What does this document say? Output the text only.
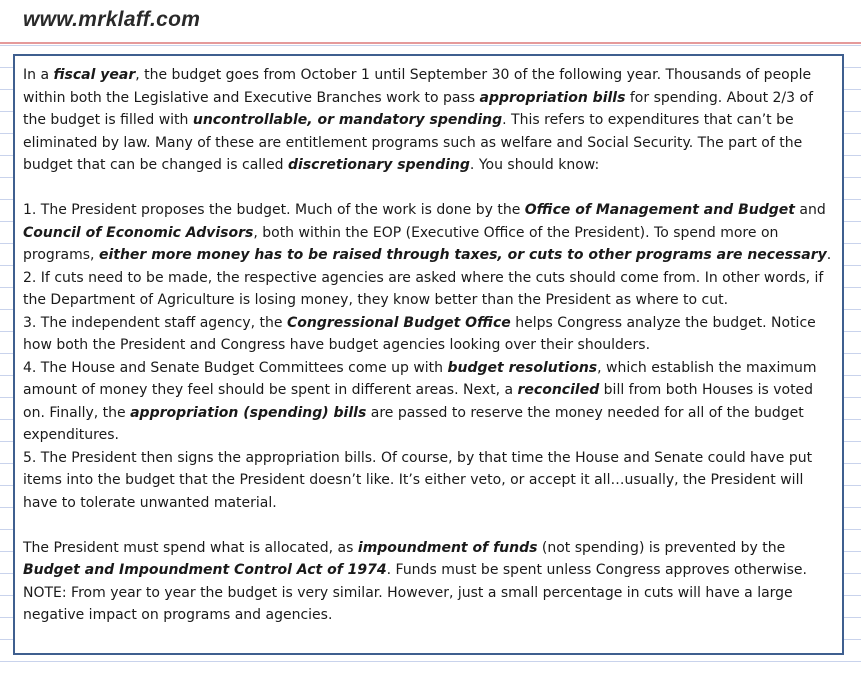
www.mrklaff.com

In a fiscal year, the budget goes from October 1 until September 30 of the following year. Thousands of people within both the Legislative and Executive Branches work to pass appropriation bills for spending. About 2/3 of the budget is filled with uncontrollable, or mandatory spending. This refers to expenditures that can’t be eliminated by law. Many of these are entitlement programs such as welfare and Social Security. The part of the budget that can be changed is called discretionary spending. You should know:

1. The President proposes the budget. Much of the work is done by the Office of Management and Budget and Council of Economic Advisors, both within the EOP (Executive Office of the President). To spend more on programs, either more money has to be raised through taxes, or cuts to other programs are necessary.

2. If cuts need to be made, the respective agencies are asked where the cuts should come from. In other words, if the Department of Agriculture is losing money, they know better than the President as where to cut.

3. The independent staff agency, the Congressional Budget Office helps Congress analyze the budget. Notice how both the President and Congress have budget agencies looking over their shoulders.

4. The House and Senate Budget Committees come up with budget resolutions, which establish the maximum amount of money they feel should be spent in different areas. Next, a reconciled bill from both Houses is voted on. Finally, the appropriation (spending) bills are passed to reserve the money needed for all of the budget expenditures.

5. The President then signs the appropriation bills. Of course, by that time the House and Senate could have put items into the budget that the President doesn’t like. It’s either veto, or accept it all…usually, the President will have to tolerate unwanted material.

The President must spend what is allocated, as impoundment of funds (not spending) is prevented by the Budget and Impoundment Control Act of 1974. Funds must be spent unless Congress approves otherwise.

NOTE: From year to year the budget is very similar. However, just a small percentage in cuts will have a large negative impact on programs and agencies.
